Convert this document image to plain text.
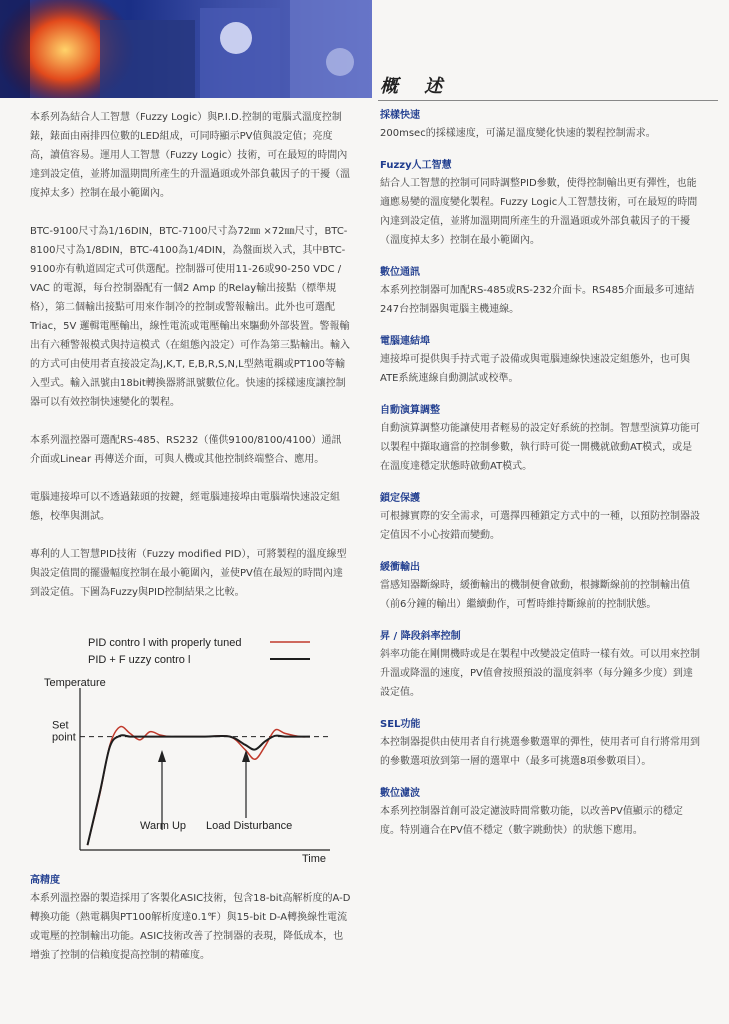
概 述

本系列為結合人工智慧（Fuzzy Logic）與P.I.D.控制的電腦式溫度控制錶，錶面由兩排四位數的LED組成，可同時顯示PV值與設定值；亮度高，讀值容易。運用人工智慧（Fuzzy Logic）技術，可在最短的時間內達到設定值，並將加溫期間所產生的升溫過頭或外部負載因子的干擾（溫度掉太多）控制在最小範圍內。

BTC-9100尺寸為1/16DIN，BTC-7100尺寸為72㎜ ×72㎜尺寸，BTC-8100尺寸為1/8DIN，BTC-4100為1/4DIN，為盤面崁入式，其中BTC-9100亦有軌道固定式可供選配。控制器可使用11-26或90-250 VDC / VAC 的電源，每台控制器配有一個2 Amp 的Relay輸出接點（標準規格），第二個輸出接點可用來作制冷的控制或警報輸出。此外也可選配Triac，5V 邏輯電壓輸出，線性電流或電壓輸出來驅動外部裝置。警報輸出有六種警報模式與持這模式（在組態內設定）可作為第三點輸出。輸入的方式可由使用者直接設定為J,K,T, E,B,R,S,N,L型熱電耦或PT100等輸入型式。輸入訊號由18bit轉換器將訊號數位化。快速的採樣速度讓控制器可以有效控制快速變化的製程。

本系列溫控器可選配RS-485、RS232（僅供9100/8100/4100）通訊介面或Linear 再傳送介面，可與人機或其他控制終端整合、應用。

電腦連接埠可以不透過錶頭的按鍵，經電腦連接埠由電腦端快速設定組態，校準與測試。

專利的人工智慧PID技術（Fuzzy modified PID），可將製程的溫度線型與設定值間的擺盪幅度控制在最小範圍內，並使PV值在最短的時間內達到設定值。下圖為Fuzzy與PID控制結果之比較。

PID contro l with properly tuned
PID + F uzzy contro l
Temperature
Time
Set point
Warm Up Load Disturbance

高精度

本系列溫控器的製造採用了客製化ASIC技術，包含18-bit高解析度的A-D轉換功能（熱電耦與PT100解析度達0.1℉）與15-bit D-A轉換線性電流或電壓的控制輸出功能。ASIC技術改善了控制器的表現，降低成本，也增強了控制的信賴度提高控制的精確度。

採樣快速

200msec的採樣速度，可滿足溫度變化快速的製程控制需求。

Fuzzy人工智慧

結合人工智慧的控制可同時調整PID參數，使得控制輸出更有彈性，也能適應易變的溫度變化製程。Fuzzy Logic人工智慧技術，可在最短的時間內達到設定值，並將加溫期間所產生的升溫過頭或外部負載因子的干擾（溫度掉太多）控制在最小範圍內。

數位通訊

本系列控制器可加配RS-485或RS-232介面卡。RS485介面最多可連結247台控制器與電腦主機連線。

電腦連結埠

連接埠可提供與手持式電子設備或與電腦連線快速設定組態外，也可與ATE系統連線自動測試或校準。

自動演算調整

自動演算調整功能讓使用者輕易的設定好系統的控制。智慧型演算功能可以製程中擷取適當的控制參數，執行時可從一開機就啟動AT模式，或是在溫度達穩定狀態時啟動AT模式。

鎖定保護

可根據實際的安全需求，可選擇四種鎖定方式中的一種，以預防控制器設定值因不小心按錯而變動。

緩衝輸出

當感知器斷線時，緩衝輸出的機制便會啟動，根據斷線前的控制輸出值（前6分鐘的輸出）繼續動作，可暫時維持斷線前的控制狀態。

昇 / 降段斜率控制

斜率功能在剛開機時或是在製程中改變設定值時一樣有效。可以用來控制升溫或降溫的速度，PV值會按照預設的溫度斜率（每分鐘多少度）到達設定值。

SEL功能

本控制器提供由使用者自行挑選參數選單的彈性，使用者可自行將常用到的參數選項放到第一層的選單中（最多可挑選8項參數項目）。

數位濾波

本系列控制器首創可設定濾波時間常數功能，以改善PV值顯示的穩定度。特別適合在PV值不穩定（數字跳動快）的狀態下應用。
